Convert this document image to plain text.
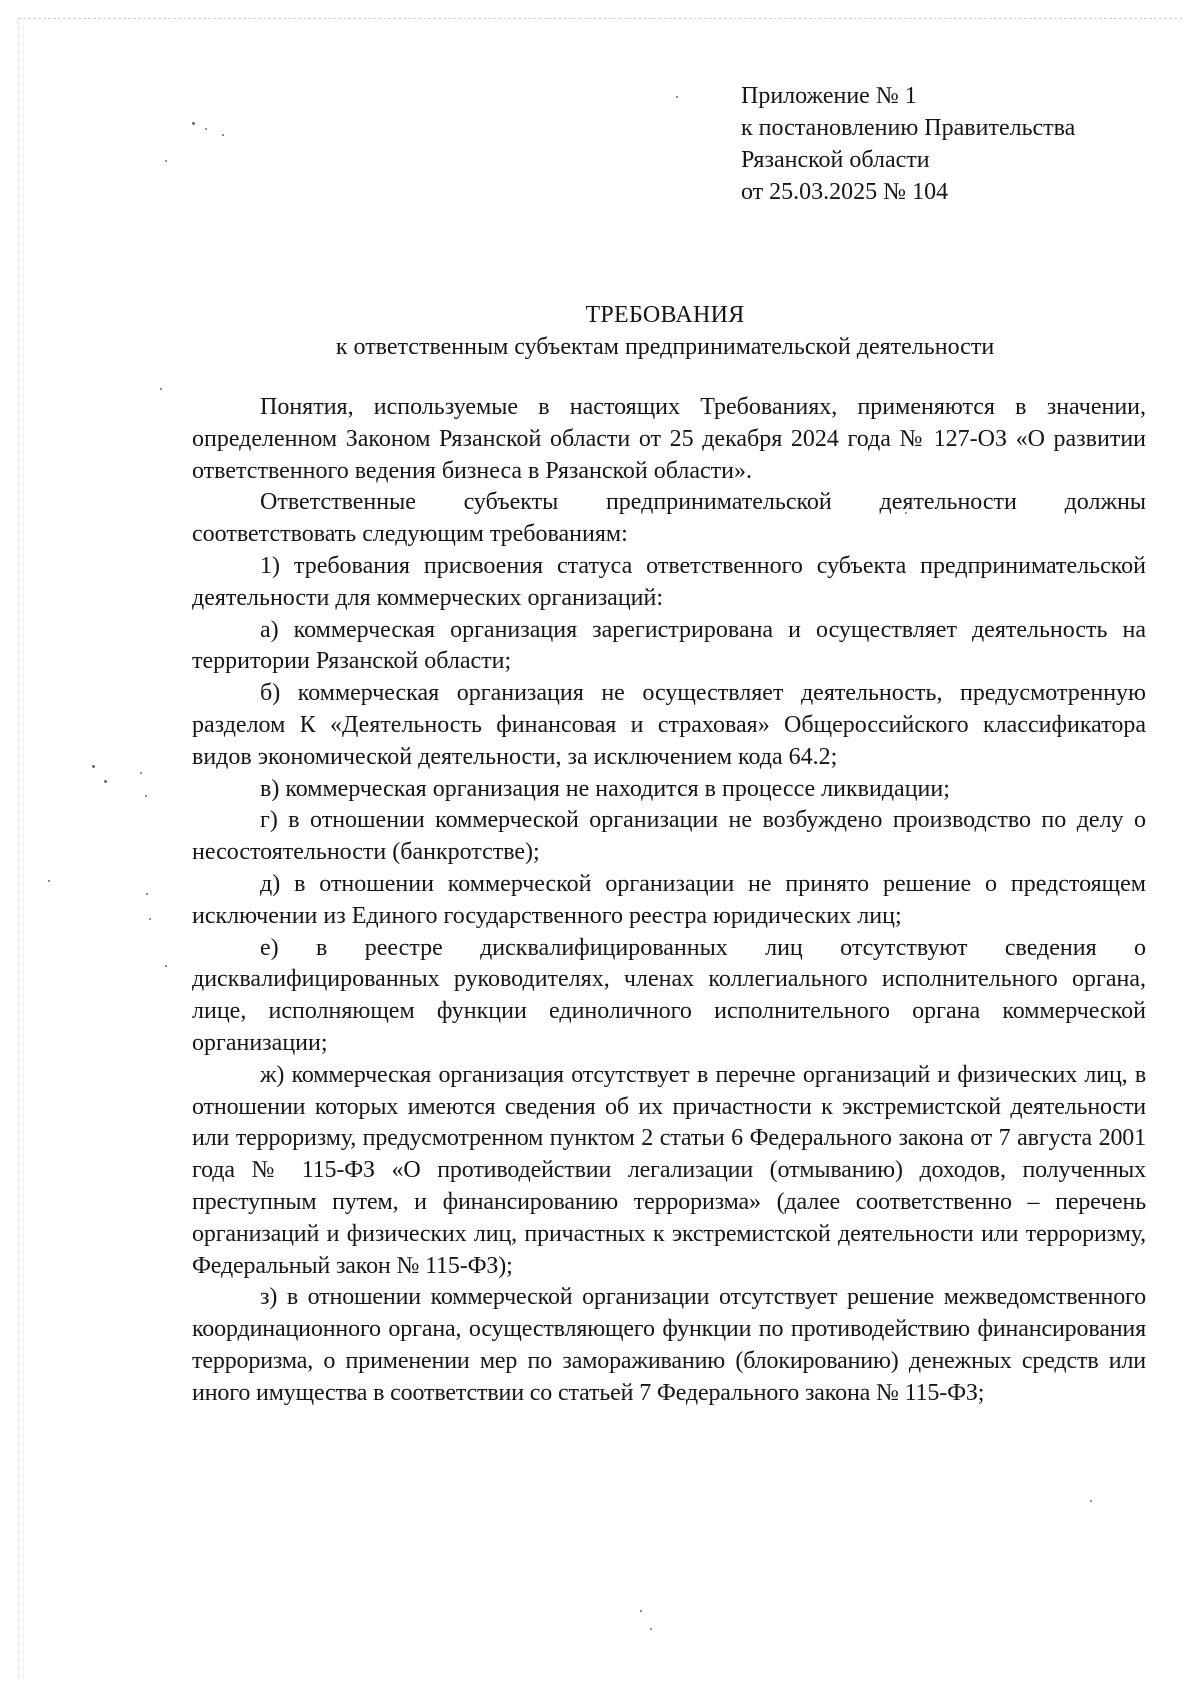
Приложение № 1
к постановлению Правительства
Рязанской области
от 25.03.2025 № 104
ТРЕБОВАНИЯ
к ответственным субъектам предпринимательской деятельности

Понятия, используемые в настоящих Требованиях, применяются в значении, определенном Законом Рязанской области от 25 декабря 2024 года № 127-ОЗ «О развитии ответственного ведения бизнеса в Рязанской области».

Ответственные субъекты предпринимательской деятельности должны соответствовать следующим требованиям:

1) требования присвоения статуса ответственного субъекта предпринимательской деятельности для коммерческих организаций:

а) коммерческая организация зарегистрирована и осуществляет деятельность на территории Рязанской области;

б) коммерческая организация не осуществляет деятельность, предусмотренную разделом К «Деятельность финансовая и страховая» Общероссийского классификатора видов экономической деятельности, за исключением кода 64.2;

в) коммерческая организация не находится в процессе ликвидации;

г) в отношении коммерческой организации не возбуждено производство по делу о несостоятельности (банкротстве);

д) в отношении коммерческой организации не принято решение о предстоящем исключении из Единого государственного реестра юридических лиц;

е) в реестре дисквалифицированных лиц отсутствуют сведения о дисквалифицированных руководителях, членах коллегиального исполнительного органа, лице, исполняющем функции единоличного исполнительного органа коммерческой организации;

ж) коммерческая организация отсутствует в перечне организаций и физических лиц, в отношении которых имеются сведения об их причастности к экстремистской деятельности или терроризму, предусмотренном пунктом 2 статьи 6 Федерального закона от 7 августа 2001 года № 115-ФЗ «О противодействии легализации (отмыванию) доходов, полученных преступным путем, и финансированию терроризма» (далее соответственно – перечень организаций и физических лиц, причастных к экстремистской деятельности или терроризму, Федеральный закон № 115-ФЗ);

з) в отношении коммерческой организации отсутствует решение межведомственного координационного органа, осуществляющего функции по противодействию финансирования терроризма, о применении мер по замораживанию (блокированию) денежных средств или иного имущества в соответствии со статьей 7 Федерального закона № 115-ФЗ;
